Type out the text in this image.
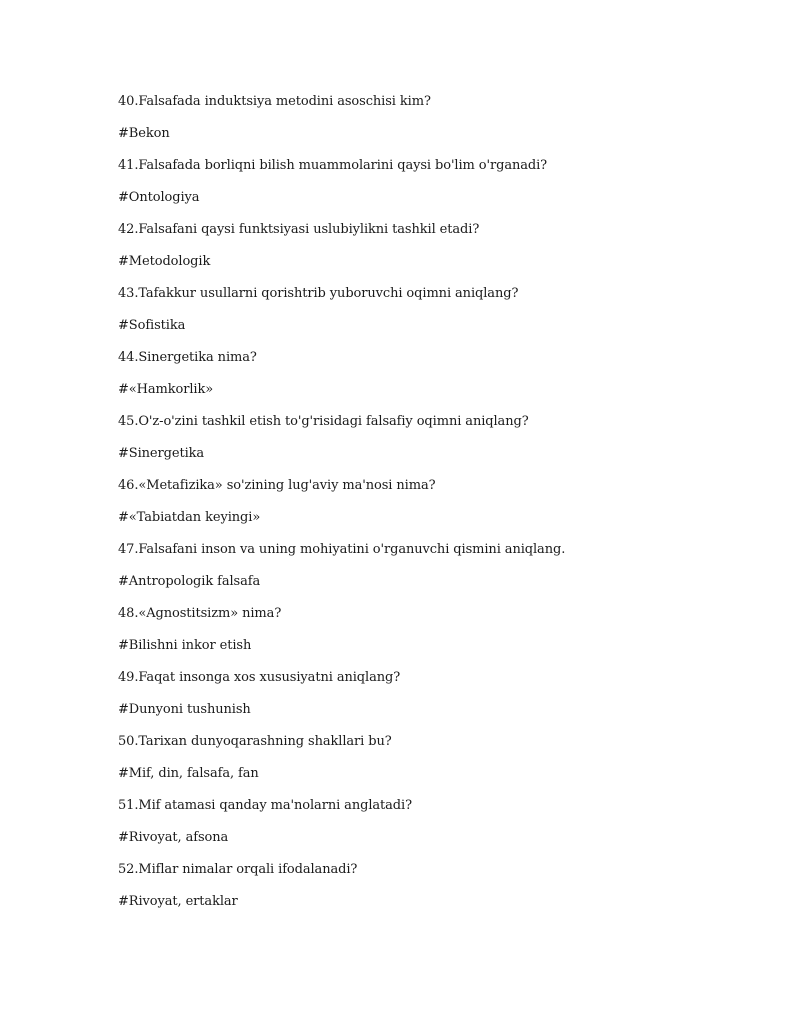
40.Falsafada induktsiya metodini asoschisi kim?
#Bekon
41.Falsafada borliqni bilish muammolarini qaysi bo'lim o'rganadi?
#Ontologiya
42.Falsafani qaysi funktsiyasi uslubiylikni tashkil etadi?
#Metodologik
43.Tafakkur usullarni qorishtrib yuboruvchi oqimni aniqlang?
#Sofistika
44.Sinergetika nima?
#«Hamkorlik»
45.O'z-o'zini tashkil etish to'g'risidagi falsafiy oqimni aniqlang?
#Sinergetika
46.«Metafizika» so'zining lug'aviy ma'nosi nima?
#«Tabiatdan keyingi»
47.Falsafani inson va uning mohiyatini o'rganuvchi qismini aniqlang.
#Antropologik falsafa
48.«Agnostitsizm» nima?
#Bilishni inkor etish
49.Faqat insonga xos xususiyatni aniqlang?
#Dunyoni tushunish
50.Tarixan dunyoqarashning shakllari bu?
#Mif, din, falsafa, fan
51.Mif atamasi qanday ma'nolarni anglatadi?
#Rivoyat, afsona
52.Miflar nimalar orqali ifodalanadi?
#Rivoyat, ertaklar
